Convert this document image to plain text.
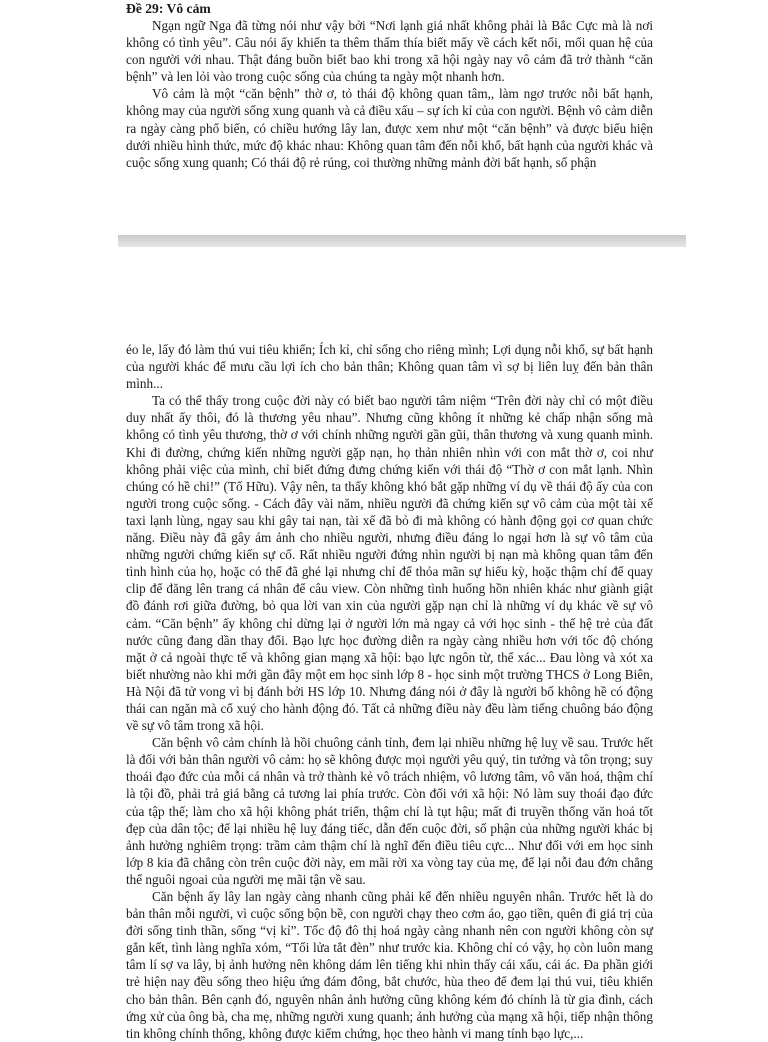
Đề 29: Vô cảm

Ngạn ngữ Nga đã từng nói như vậy bởi “Nơi lạnh giá nhất không phải là Bắc Cực mà là nơi không có tình yêu”. Câu nói ấy khiến ta thêm thấm thía biết mấy về cách kết nối, mối quan hệ của con người với nhau. Thật đáng buồn biết bao khi trong xã hội ngày nay vô cảm đã trở thành “căn bệnh” và len lỏi vào trong cuộc sống của chúng ta ngày một nhanh hơn.

Vô cảm là một “căn bệnh” thờ ơ, tỏ thái độ không quan tâm,, làm ngơ trước nỗi bất hạnh, không may của người sống xung quanh và cả điều xấu – sự ích kỉ của con người. Bệnh vô cảm diễn ra ngày càng phổ biến, có chiều hướng lây lan, được xem như một “căn bệnh” và được biểu hiện dưới nhiều hình thức, mức độ khác nhau: Không quan tâm đến nỗi khổ, bất hạnh của người khác và cuộc sống xung quanh; Có thái độ rẻ rúng, coi thường những mảnh đời bất hạnh, số phận

éo le, lấy đó làm thú vui tiêu khiển; Ích kỉ, chỉ sống cho riêng mình; Lợi dụng nỗi khổ, sự bất hạnh của người khác để mưu cầu lợi ích cho bản thân; Không quan tâm vì sợ bị liên luỵ đến bản thân mình...

Ta có thể thấy trong cuộc đời này có biết bao người tâm niệm “Trên đời này chỉ có một điều duy nhất ấy thôi, đó là thương yêu nhau”. Nhưng cũng không ít những kẻ chấp nhận sống mà không có tình yêu thương, thờ ơ với chính những người gần gũi, thân thương và xung quanh mình. Khi đi đường, chứng kiến những người gặp nạn, họ thản nhiên nhìn với con mắt thờ ơ, coi như không phải việc của mình, chỉ biết đứng đưng chứng kiến với thái độ “Thờ ơ con mắt lạnh. Nhìn chúng có hề chi!” (Tố Hữu). Vậy nên, ta thấy không khó bắt gặp những ví dụ về thái độ ấy của con người trong cuộc sống. - Cách đây vài năm, nhiều người đã chứng kiến sự vô cảm của một tài xế taxi lạnh lùng, ngay sau khi gây tai nạn, tài xế đã bỏ đi mà không có hành động gọi cơ quan chức năng. Điều này đã gây ám ảnh cho nhiều người, nhưng điều đáng lo ngại hơn là sự vô tâm của những người chứng kiến sự cố. Rất nhiều người đứng nhìn người bị nạn mà không quan tâm đến tình hình của họ, hoặc có thể đã ghé lại nhưng chỉ để thỏa mãn sự hiếu kỳ, hoặc thậm chí để quay clip để đăng lên trang cá nhân để câu view. Còn những tình huống hồn nhiên khác như giành giật đồ đánh rơi giữa đường, bỏ qua lời van xin của người gặp nạn chỉ là những ví dụ khác về sự vô cảm. “Căn bệnh” ấy không chỉ dừng lại ở người lớn mà ngay cả với học sinh - thế hệ trẻ của đất nước cũng đang dần thay đổi. Bạo lực học đường diễn ra ngày càng nhiều hơn với tốc độ chóng mặt ở cả ngoài thực tế và không gian mạng xã hội: bạo lực ngôn từ, thể xác... Đau lòng và xót xa biết nhường nào khi mới gần đây một em học sinh lớp 8 - học sinh một trường THCS ở Long Biên, Hà Nội đã tử vong vì bị đánh bởi HS lớp 10. Nhưng đáng nói ở đây là người bố không hề có động thái can ngăn mà cổ xuý cho hành động đó. Tất cả những điều này đều làm tiếng chuông báo động về sự vô tâm trong xã hội.

Căn bệnh vô cảm chính là hồi chuông cảnh tỉnh, đem lại nhiều những hệ luỵ về sau. Trước hết là đối với bản thân người vô cảm: họ sẽ không được mọi người yêu quý, tin tưởng và tôn trọng; suy thoái đạo đức của mỗi cá nhân và trở thành kẻ vô trách nhiệm, vô lương tâm, vô văn hoá, thậm chí là tội đồ, phải trả giá bằng cả tương lai phía trước. Còn đối với xã hội: Nó làm suy thoái đạo đức của tập thể; làm cho xã hội không phát triển, thậm chí là tụt hậu; mất đi truyền thống văn hoá tốt đẹp của dân tộc; để lại nhiều hệ luỵ đáng tiếc, dẫn đến cuộc đời, số phận của những người khác bị ảnh hưởng nghiêm trọng: trầm cảm thậm chí là nghĩ đến điều tiêu cực... Như đối với em học sinh lớp 8 kia đã chẳng còn trên cuộc đời này, em mãi rời xa vòng tay của mẹ, để lại nỗi đau đớn chẳng thể nguôi ngoai của người mẹ mãi tận về sau.

Căn bệnh ấy lây lan ngày càng nhanh cũng phải kể đến nhiều nguyên nhân. Trước hết là do bản thân mỗi người, vì cuộc sống bộn bề, con người chạy theo cơm áo, gạo tiền, quên đi giá trị của đời sống tinh thần, sống “vị kỉ”. Tốc độ đô thị hoá ngày càng nhanh nên con người không còn sự gắn kết, tình làng nghĩa xóm, “Tối lửa tắt đèn” như trước kia. Không chỉ có vậy, họ còn luôn mang tâm lí sợ va lây, bị ảnh hưởng nên không dám lên tiếng khi nhìn thấy cái xấu, cái ác. Đa phần giới trẻ hiện nay đều sống theo hiệu ứng đám đông, bắt chước, hùa theo để đem lại thú vui, tiêu khiển cho bản thân. Bên cạnh đó, nguyên nhân ảnh hưởng cũng không kém đó chính là từ gia đình, cách ứng xử của ông bà, cha mẹ, những người xung quanh; ảnh hưởng của mạng xã hội, tiếp nhận thông tin không chính thống, không được kiểm chứng, học theo hành vi mang tính bạo lực,...
